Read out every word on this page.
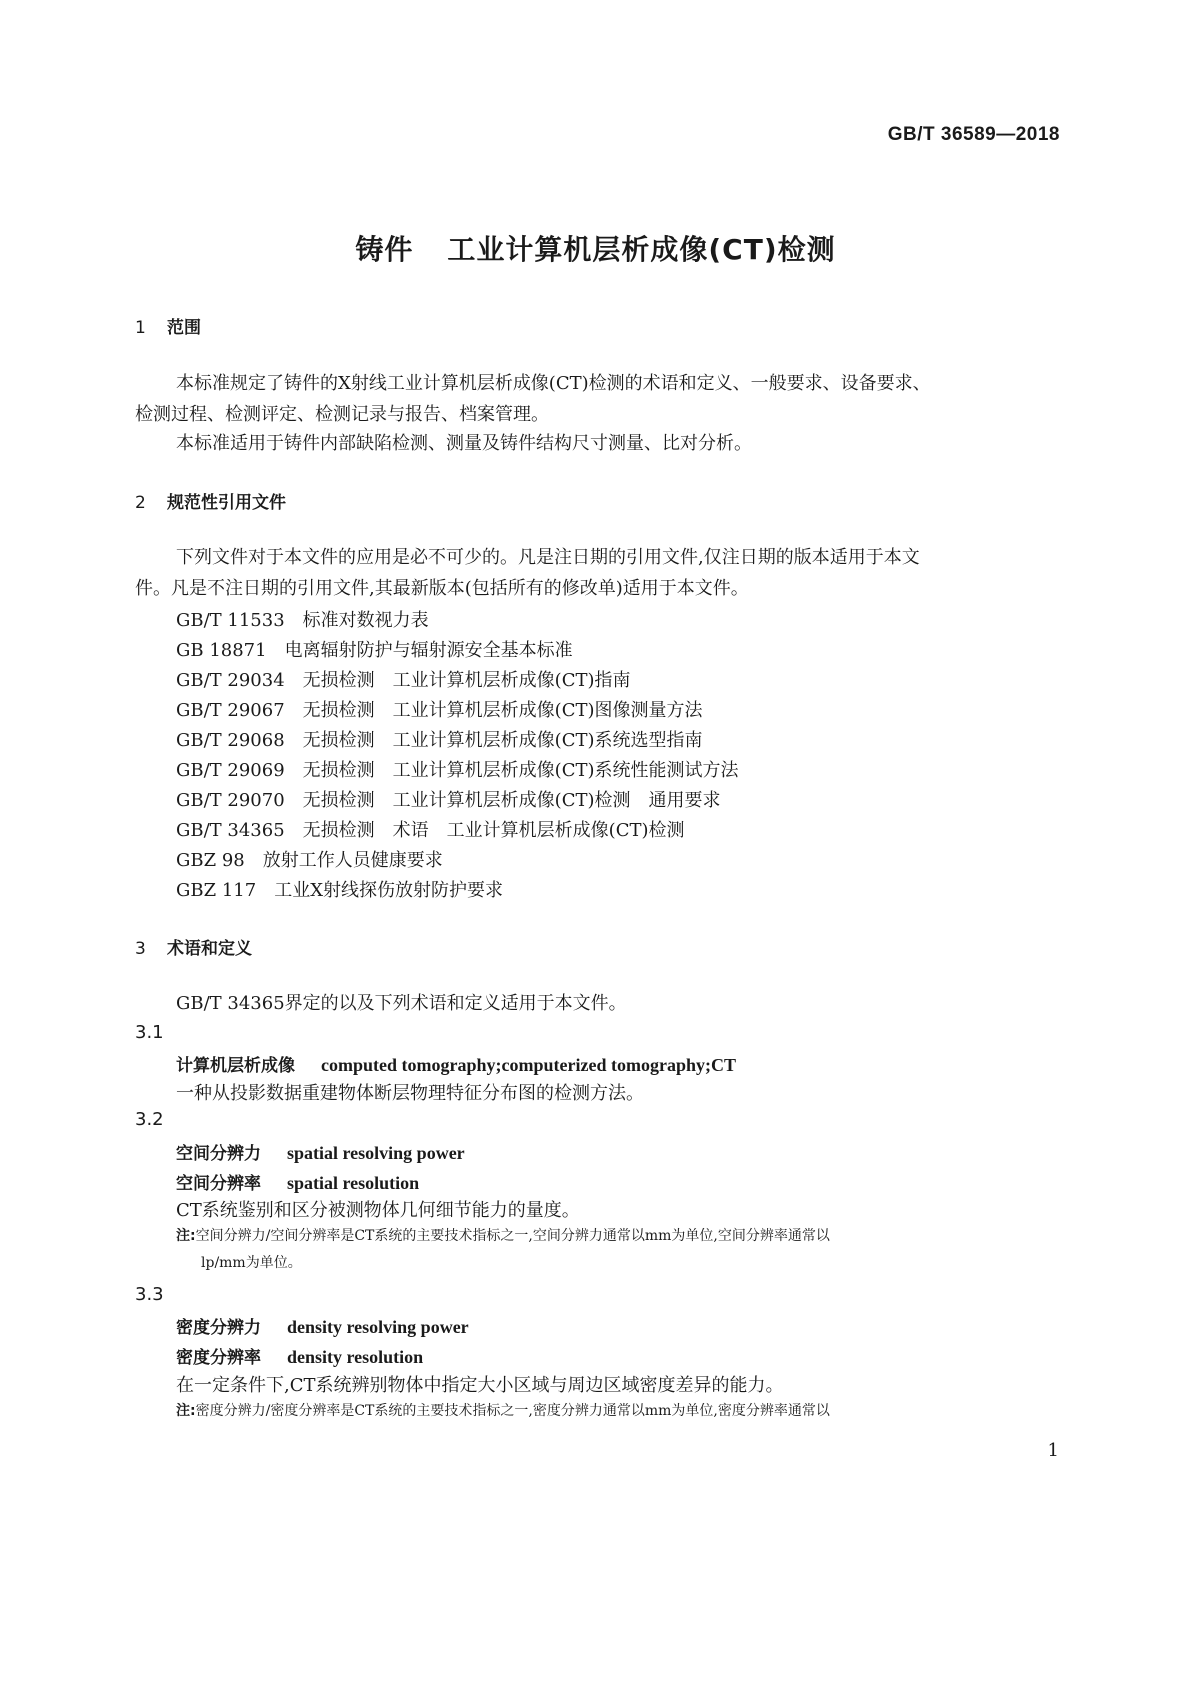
GB/T 36589—2018
铸件 工业计算机层析成像(CT)检测
1 范围
本标准规定了铸件的X射线工业计算机层析成像(CT)检测的术语和定义、一般要求、设备要求、
检测过程、检测评定、检测记录与报告、档案管理。
本标准适用于铸件内部缺陷检测、测量及铸件结构尺寸测量、比对分析。
2 规范性引用文件
下列文件对于本文件的应用是必不可少的。凡是注日期的引用文件,仅注日期的版本适用于本文
件。凡是不注日期的引用文件,其最新版本(包括所有的修改单)适用于本文件。
GB/T 11533 标准对数视力表
GB 18871 电离辐射防护与辐射源安全基本标准
GB/T 29034 无损检测 工业计算机层析成像(CT)指南
GB/T 29067 无损检测 工业计算机层析成像(CT)图像测量方法
GB/T 29068 无损检测 工业计算机层析成像(CT)系统选型指南
GB/T 29069 无损检测 工业计算机层析成像(CT)系统性能测试方法
GB/T 29070 无损检测 工业计算机层析成像(CT)检测 通用要求
GB/T 34365 无损检测 术语 工业计算机层析成像(CT)检测
GBZ 98 放射工作人员健康要求
GBZ 117 工业X射线探伤放射防护要求
3 术语和定义
GB/T 34365界定的以及下列术语和定义适用于本文件。
3.1
计算机层析成像 computed tomography;computerized tomography;CT
一种从投影数据重建物体断层物理特征分布图的检测方法。
3.2
空间分辨力 spatial resolving power
空间分辨率 spatial resolution
CT系统鉴别和区分被测物体几何细节能力的量度。
注:空间分辨力/空间分辨率是CT系统的主要技术指标之一,空间分辨力通常以mm为单位,空间分辨率通常以
lp/mm为单位。
3.3
密度分辨力 density resolving power
密度分辨率 density resolution
在一定条件下,CT系统辨别物体中指定大小区域与周边区域密度差异的能力。
注:密度分辨力/密度分辨率是CT系统的主要技术指标之一,密度分辨力通常以mm为单位,密度分辨率通常以
1
